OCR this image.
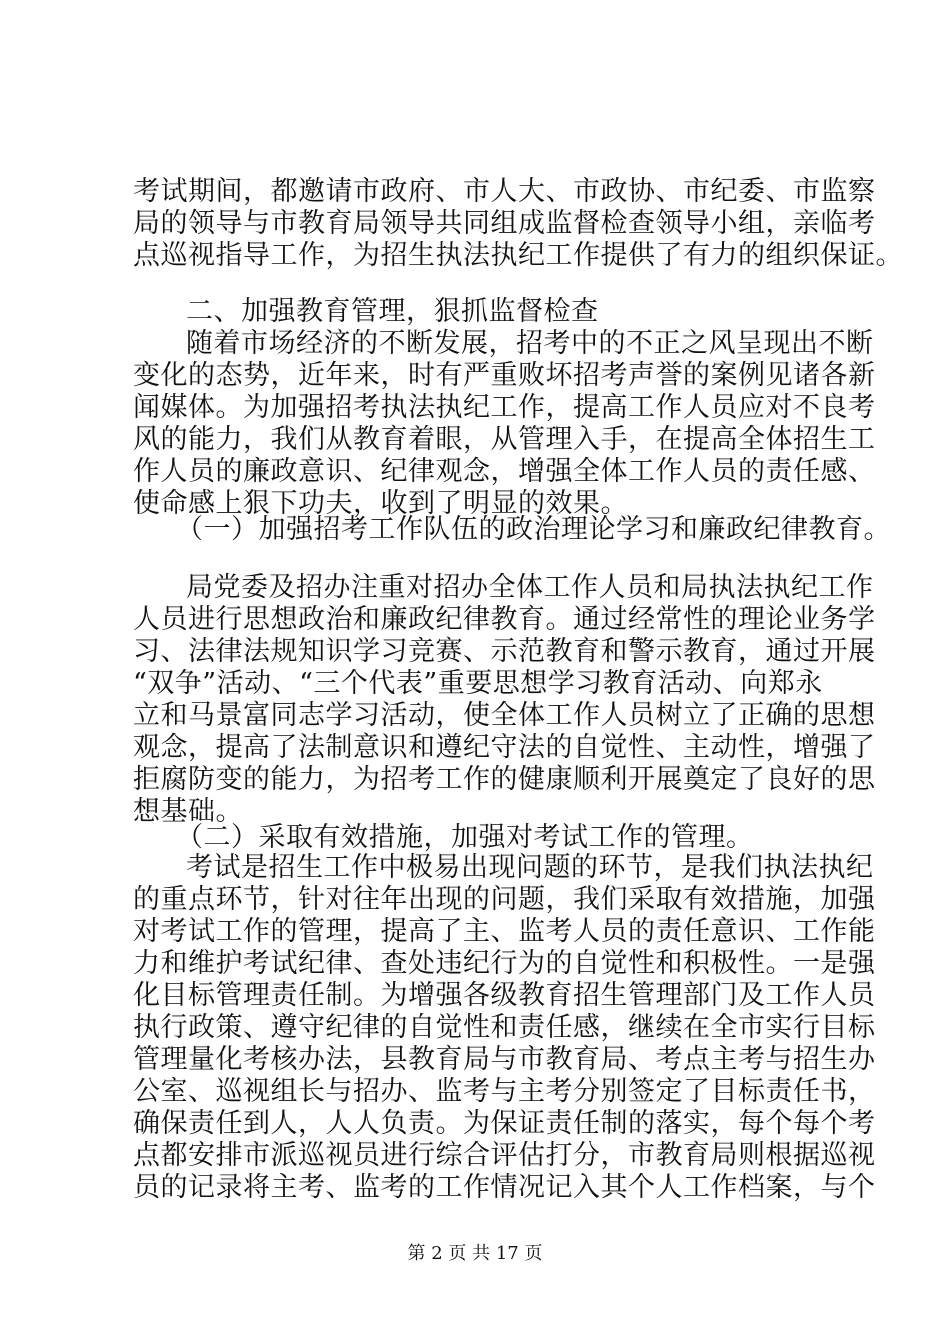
考试期间，都邀请市政府、市人大、市政协、市纪委、市监察
局的领导与市教育局领导共同组成监督检查领导小组，亲临考
点巡视指导工作，为招生执法执纪工作提供了有力的组织保证。
二、加强教育管理，狠抓监督检查
随着市场经济的不断发展，招考中的不正之风呈现出不断
变化的态势，近年来，时有严重败坏招考声誉的案例见诸各新
闻媒体。为加强招考执法执纪工作，提高工作人员应对不良考
风的能力，我们从教育着眼，从管理入手，在提高全体招生工
作人员的廉政意识、纪律观念，增强全体工作人员的责任感、
使命感上狠下功夫，收到了明显的效果。
（一）加强招考工作队伍的政治理论学习和廉政纪律教育。
局党委及招办注重对招办全体工作人员和局执法执纪工作
人员进行思想政治和廉政纪律教育。通过经常性的理论业务学
习、法律法规知识学习竞赛、示范教育和警示教育，通过开展
“双争”活动、“三个代表”重要思想学习教育活动、向郑永
立和马景富同志学习活动，使全体工作人员树立了正确的思想
观念，提高了法制意识和遵纪守法的自觉性、主动性，增强了
拒腐防变的能力，为招考工作的健康顺利开展奠定了良好的思
想基础。
（二）采取有效措施，加强对考试工作的管理。
考试是招生工作中极易出现问题的环节，是我们执法执纪
的重点环节，针对往年出现的问题，我们采取有效措施，加强
对考试工作的管理，提高了主、监考人员的责任意识、工作能
力和维护考试纪律、查处违纪行为的自觉性和积极性。一是强
化目标管理责任制。为增强各级教育招生管理部门及工作人员
执行政策、遵守纪律的自觉性和责任感，继续在全市实行目标
管理量化考核办法，县教育局与市教育局、考点主考与招生办
公室、巡视组长与招办、监考与主考分别签定了目标责任书，
确保责任到人，人人负责。为保证责任制的落实，每个每个考
点都安排市派巡视员进行综合评估打分，市教育局则根据巡视
员的记录将主考、监考的工作情况记入其个人工作档案，与个
第 2 页 共 17 页
